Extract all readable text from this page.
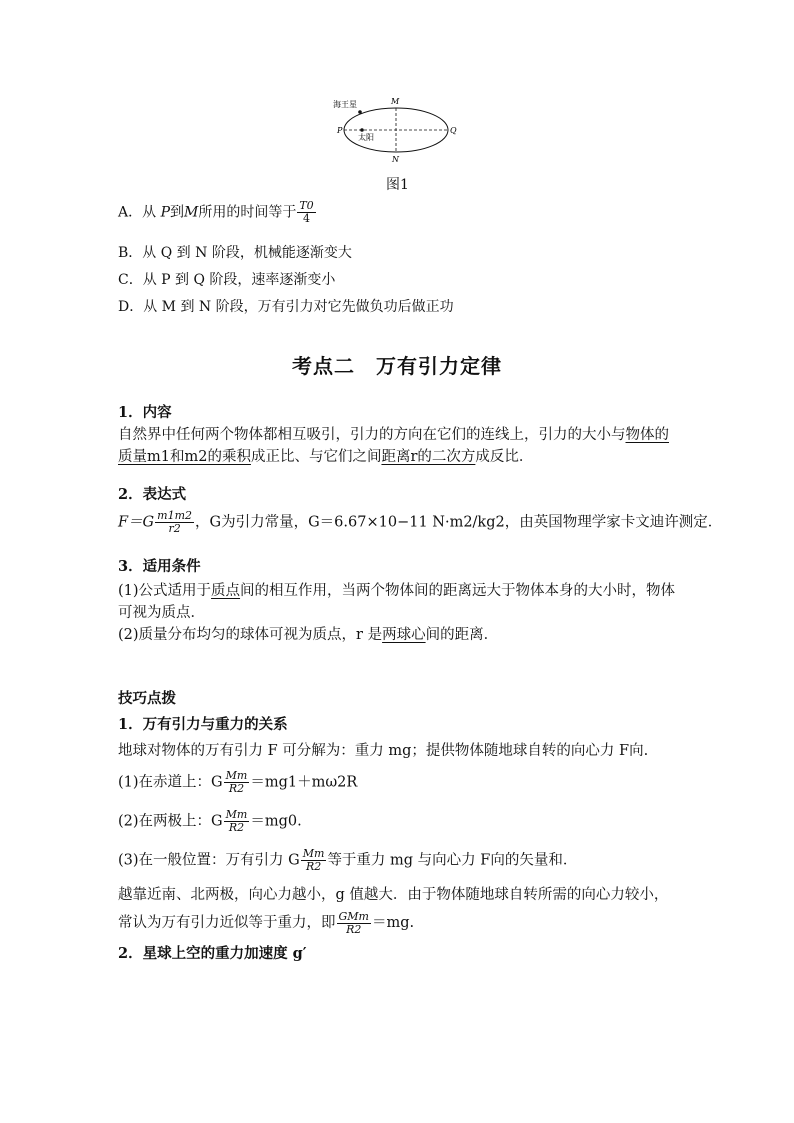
海王星	M
P	Q
N
太阳
图1
A．从 P到M所用的时间等于 $\frac{T0}{4}$
B．从 Q 到 N 阶段，机械能逐渐变大
C．从 P 到 Q 阶段，速率逐渐变小
D．从 M 到 N 阶段，万有引力对它先做负功后做正功
考点二　万有引力定律
1．内容
自然界中任何两个物体都相互吸引，引力的方向在它们的连线上，引力的大小与物体的质量m1和m2的乘积成正比、与它们之间距离r的二次方成反比．
2．表达式
$F=G \frac{m1m2}{r2}$ ，G为引力常量，G＝6.67×10−11 N·m2/kg2，由英国物理学家卡文迪许测定．
3．适用条件
(1)公式适用于质点间的相互作用，当两个物体间的距离远大于物体本身的大小时，物体可视为质点．
(2)质量分布均匀的球体可视为质点，r 是两球心间的距离．
技巧点拨
1．万有引力与重力的关系
地球对物体的万有引力 F 可分解为：重力 mg；提供物体随地球自转的向心力 F向.
(1)在赤道上：G $\frac{Mm}{R2} =mg1+m\omega 2R$
(2)在两极上：G $\frac{Mm}{R2} =mg0$.
(3)在一般位置：万有引力 G $\frac{Mm}{R2}$ 等于重力 mg 与向心力 F向的矢量和．
越靠近南、北两极，向心力越小，g 值越大．由于物体随地球自转所需的向心力较小，常认为万有引力近似等于重力，即 $\frac{\text{GMm}}{R2} =mg$.
2．星球上空的重力加速度 g′
